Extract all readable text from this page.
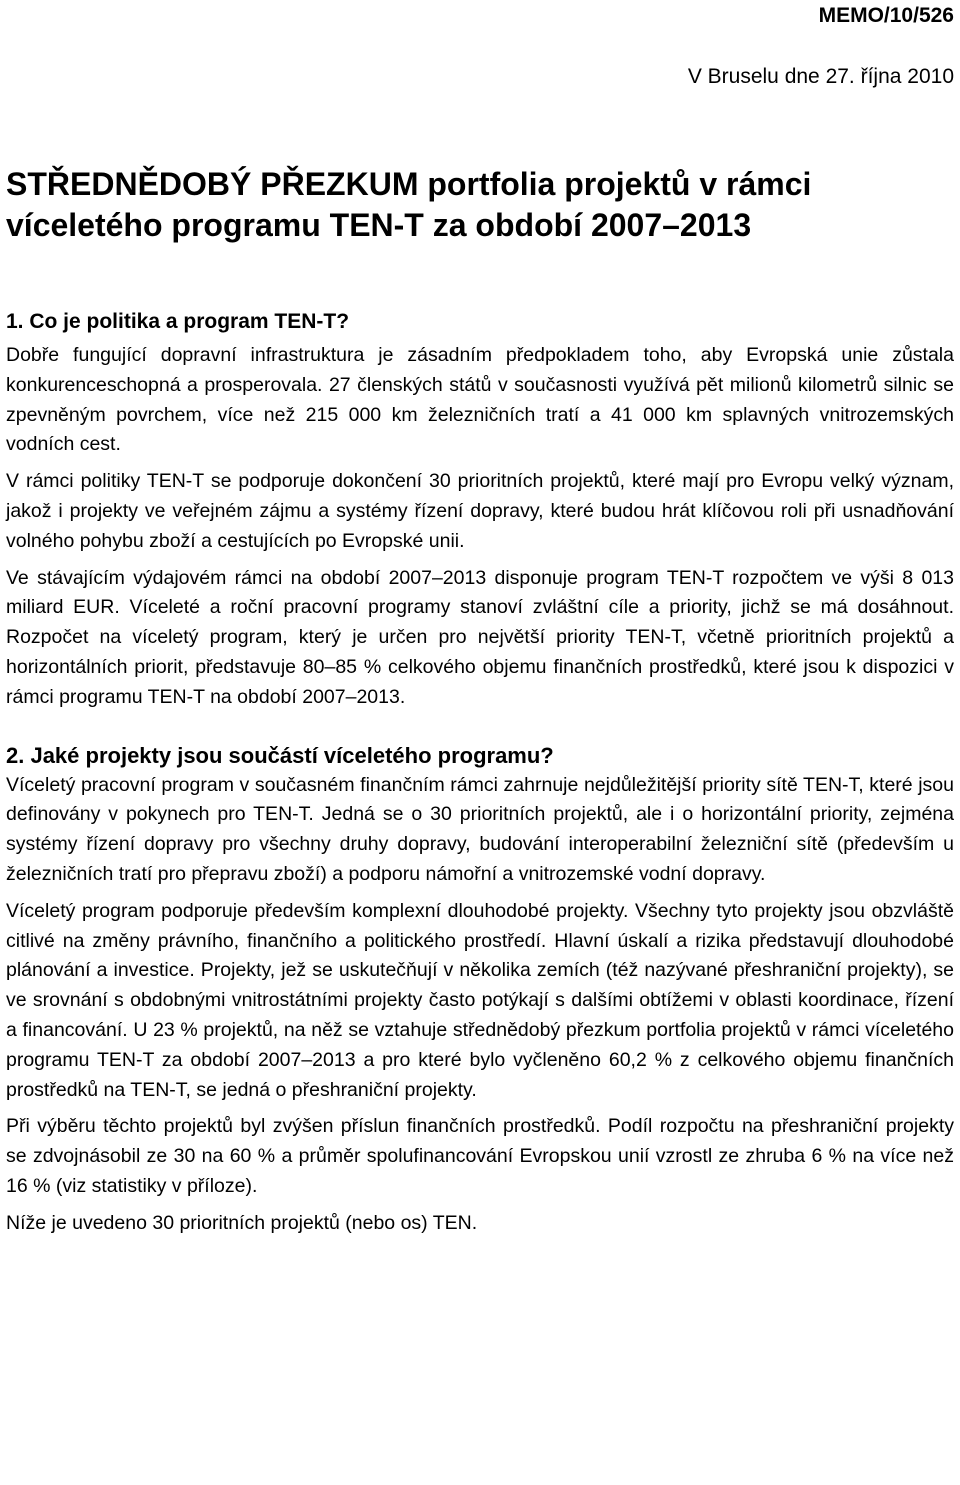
MEMO/10/526
V Bruselu dne 27. října 2010
STŘEDNĚDOBÝ PŘEZKUM portfolia projektů v rámci
víceletého programu TEN-T za období 2007–2013
1. Co je politika a program TEN-T?

Dobře fungující dopravní infrastruktura je zásadním předpokladem toho, aby Evropská unie zůstala konkurenceschopná a prosperovala. 27 členských států v současnosti využívá pět milionů kilometrů silnic se zpevněným povrchem, více než 215 000 km železničních tratí a 41 000 km splavných vnitrozemských vodních cest.

V rámci politiky TEN-T se podporuje dokončení 30 prioritních projektů, které mají pro Evropu velký význam, jakož i projekty ve veřejném zájmu a systémy řízení dopravy, které budou hrát klíčovou roli při usnadňování volného pohybu zboží a cestujících po Evropské unii.

Ve stávajícím výdajovém rámci na období 2007–2013 disponuje program TEN-T rozpočtem ve výši 8 013 miliard EUR. Víceleté a roční pracovní programy stanoví zvláštní cíle a priority, jichž se má dosáhnout. Rozpočet na víceletý program, který je určen pro největší priority TEN-T, včetně prioritních projektů a horizontálních priorit, představuje 80–85 % celkového objemu finančních prostředků, které jsou k dispozici v rámci programu TEN-T na období 2007–2013.

2. Jaké projekty jsou součástí víceletého programu?

Víceletý pracovní program v současném finančním rámci zahrnuje nejdůležitější priority sítě TEN-T, které jsou definovány v pokynech pro TEN-T. Jedná se o 30 prioritních projektů, ale i o horizontální priority, zejména systémy řízení dopravy pro všechny druhy dopravy, budování interoperabilní železniční sítě (především u železničních tratí pro přepravu zboží) a podporu námořní a vnitrozemské vodní dopravy.

Víceletý program podporuje především komplexní dlouhodobé projekty. Všechny tyto projekty jsou obzvláště citlivé na změny právního, finančního a politického prostředí. Hlavní úskalí a rizika představují dlouhodobé plánování a investice. Projekty, jež se uskutečňují v několika zemích (též nazývané přeshraniční projekty), se ve srovnání s obdobnými vnitrostátními projekty často potýkají s dalšími obtížemi v oblasti koordinace, řízení a financování. U 23 % projektů, na něž se vztahuje střednědobý přezkum portfolia projektů v rámci víceletého programu TEN-T za období 2007–2013 a pro které bylo vyčleněno 60,2 % z celkového objemu finančních prostředků na TEN-T, se jedná o přeshraniční projekty.

Při výběru těchto projektů byl zvýšen příslun finančních prostředků. Podíl rozpočtu na přeshraniční projekty se zdvojnásobil ze 30 na 60 % a průměr spolufinancování Evropskou unií vzrostl ze zhruba 6 % na více než 16 % (viz statistiky v příloze).

Níže je uvedeno 30 prioritních projektů (nebo os) TEN.
